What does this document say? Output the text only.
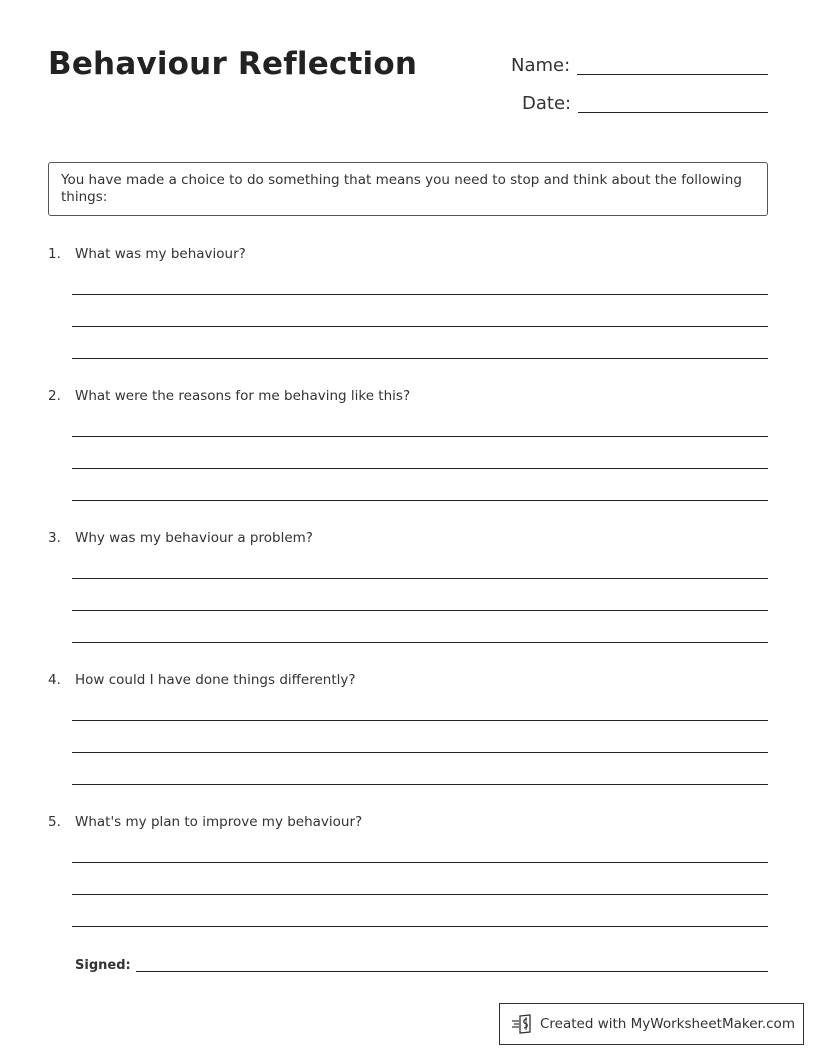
Behaviour Reflection	Name:
Date:
You have made a choice to do something that means you need to stop and think about the following things:
1.	What was my behaviour?
2.	What were the reasons for me behaving like this?
3.	Why was my behaviour a problem?
4.	How could I have done things differently?
5.	What's my plan to improve my behaviour?
Signed:
Created with MyWorksheetMaker.com
